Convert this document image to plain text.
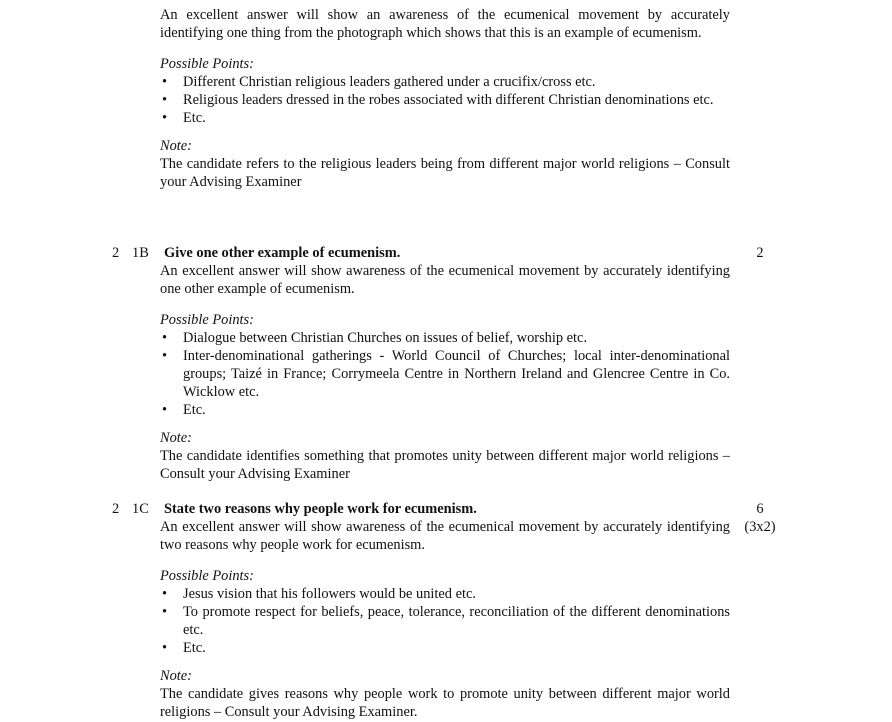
An excellent answer will show an awareness of the ecumenical movement by accurately identifying one thing from the photograph which shows that this is an example of ecumenism.

Possible Points:

• Different Christian religious leaders gathered under a crucifix/cross etc.
• Religious leaders dressed in the robes associated with different Christian denominations etc.
• Etc.

Note:

The candidate refers to the religious leaders being from different major world religions – Consult your Advising Examiner

2 1B Give one other example of ecumenism.	2

An excellent answer will show awareness of the ecumenical movement by accurately identifying one other example of ecumenism.

Possible Points:

• Dialogue between Christian Churches on issues of belief, worship etc.
• Inter-denominational gatherings - World Council of Churches; local inter-denominational groups; Taizé in France; Corrymeela Centre in Northern Ireland and Glencree Centre in Co. Wicklow etc.
• Etc.

Note:

The candidate identifies something that promotes unity between different major world religions – Consult your Advising Examiner

2 1C State two reasons why people work for ecumenism.	6
(3x2)

An excellent answer will show awareness of the ecumenical movement by accurately identifying two reasons why people work for ecumenism.

Possible Points:

• Jesus vision that his followers would be united etc.
• To promote respect for beliefs, peace, tolerance, reconciliation of the different denominations etc.
• Etc.

Note:

The candidate gives reasons why people work to promote unity between different major world religions – Consult your Advising Examiner.
